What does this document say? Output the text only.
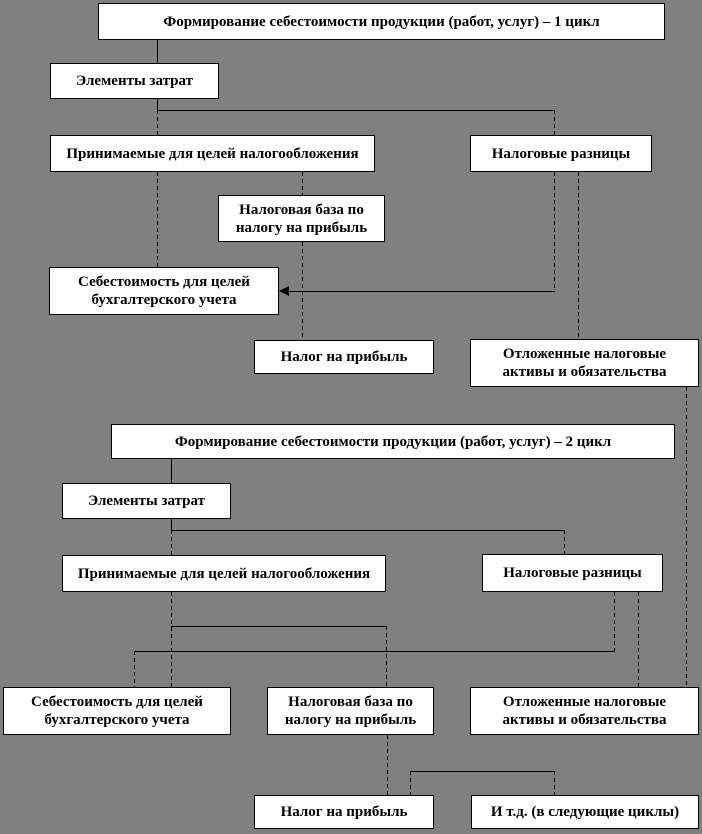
Формирование себестоимости продукции (работ, услуг) – 1 цикл
Элементы затрат
Принимаемые для целей налогообложения	Налоговые разницы
Налоговая база по налогу на прибыль
Себестоимость для целей бухгалтерского учета
Налог на прибыль	Отложенные налоговые активы и обязательства
Формирование себестоимости продукции (работ, услуг) – 2 цикл
Элементы затрат
Принимаемые для целей налогообложения	Налоговые разницы
Себестоимость для целей бухгалтерского учета
Налоговая база по налогу на прибыль
Отложенные налоговые активы и обязательства
Налог на прибыль	И т.д. (в следующие циклы)
